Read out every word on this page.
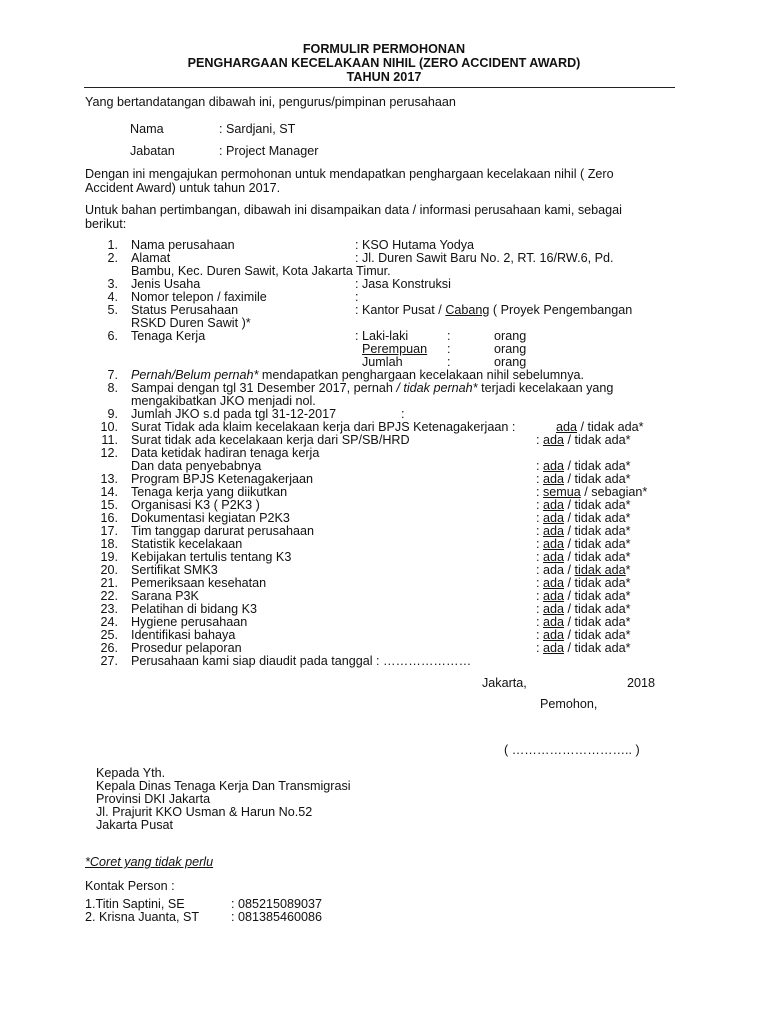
FORMULIR PERMOHONAN
PENGHARGAAN KECELAKAAN NIHIL (ZERO ACCIDENT AWARD)
TAHUN 2017
Yang bertandatangan dibawah ini, pengurus/pimpinan perusahaan
Nama	: Sardjani, ST
Jabatan	: Project Manager
Dengan ini mengajukan permohonan untuk mendapatkan penghargaan kecelakaan nihil ( Zero
Accident Award) untuk tahun 2017.
Untuk bahan pertimbangan, dibawah ini disampaikan data / informasi perusahaan kami, sebagai
berikut:
1. Nama perusahaan	: KSO Hutama Yodya
2. Alamat	: Jl. Duren Sawit Baru No. 2, RT. 16/RW.6, Pd.
Bambu, Kec. Duren Sawit, Kota Jakarta Timur.
3. Jenis Usaha	: Jasa Konstruksi
4. Nomor telepon / faximile	:
5. Status Perusahaan	: Kantor Pusat / Cabang ( Proyek Pengembangan
RSKD Duren Sawit )*
6. Tenaga Kerja	: Laki-laki	:	orang
Perempuan :	orang
Jumlah	:	orang
7. Pernah/Belum pernah* mendapatkan penghargaan kecelakaan nihil sebelumnya.
8. Sampai dengan tgl 31 Desember 2017, pernah / tidak pernah* terjadi kecelakaan yang
mengakibatkan JKO menjadi nol.
9. Jumlah JKO s.d pada tgl 31-12-2017	:
10. Surat Tidak ada klaim kecelakaan kerja dari BPJS Ketenagakerjaan :	ada / tidak ada*
11. Surat tidak ada kecelakaan kerja dari SP/SB/HRD	: ada / tidak ada*
12. Data ketidak hadiran tenaga kerja
Dan data penyebabnya	: ada / tidak ada*
13. Program BPJS Ketenagakerjaan	: ada / tidak ada*
14. Tenaga kerja yang diikutkan	: semua / sebagian*
15. Organisasi K3 ( P2K3 )	: ada / tidak ada*
16. Dokumentasi kegiatan P2K3	: ada / tidak ada*
17. Tim tanggap darurat perusahaan	: ada / tidak ada*
18. Statistik kecelakaan	: ada / tidak ada*
19. Kebijakan tertulis tentang K3	: ada / tidak ada*
20. Sertifikat SMK3	: ada / tidak ada*
21. Pemeriksaan kesehatan	: ada / tidak ada*
22. Sarana P3K	: ada / tidak ada*
23. Pelatihan di bidang K3	: ada / tidak ada*
24. Hygiene perusahaan	: ada / tidak ada*
25. Identifikasi bahaya	: ada / tidak ada*
26. Prosedur pelaporan	: ada / tidak ada*
27. Perusahaan kami siap diaudit pada tanggal : …………………
Jakarta,	2018
Pemohon,
( ……………………….. )
Kepada Yth.
Kepala Dinas Tenaga Kerja Dan Transmigrasi
Provinsi DKI Jakarta
Jl. Prajurit KKO Usman & Harun No.52
Jakarta Pusat
*Coret yang tidak perlu
Kontak Person :
1.Titin Saptini, SE	: 085215089037
2. Krisna Juanta, ST	: 081385460086
